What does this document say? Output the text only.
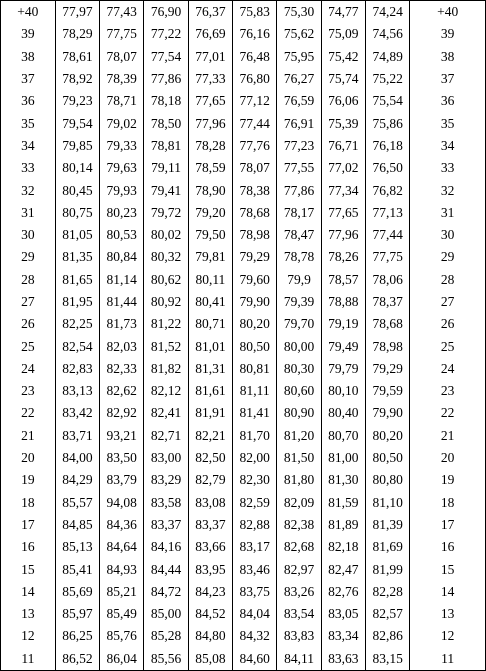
+40	77,97	77,43	76,90	76,37	75,83	75,30	74,77	74,24	+40
39	78,29	77,75	77,22	76,69	76,16	75,62	75,09	74,56	39
38	78,61	78,07	77,54	77,01	76,48	75,95	75,42	74,89	38
37	78,92	78,39	77,86	77,33	76,80	76,27	75,74	75,22	37
36	79,23	78,71	78,18	77,65	77,12	76,59	76,06	75,54	36
35	79,54	79,02	78,50	77,96	77,44	76,91	75,39	75,86	35
34	79,85	79,33	78,81	78,28	77,76	77,23	76,71	76,18	34
33	80,14	79,63	79,11	78,59	78,07	77,55	77,02	76,50	33
32	80,45	79,93	79,41	78,90	78,38	77,86	77,34	76,82	32
31	80,75	80,23	79,72	79,20	78,68	78,17	77,65	77,13	31
30	81,05	80,53	80,02	79,50	78,98	78,47	77,96	77,44	30
29	81,35	80,84	80,32	79,81	79,29	78,78	78,26	77,75	29
28	81,65	81,14	80,62	80,11	79,60	79,9	78,57	78,06	28
27	81,95	81,44	80,92	80,41	79,90	79,39	78,88	78,37	27
26	82,25	81,73	81,22	80,71	80,20	79,70	79,19	78,68	26
25	82,54	82,03	81,52	81,01	80,50	80,00	79,49	78,98	25
24	82,83	82,33	81,82	81,31	80,81	80,30	79,79	79,29	24
23	83,13	82,62	82,12	81,61	81,11	80,60	80,10	79,59	23
22	83,42	82,92	82,41	81,91	81,41	80,90	80,40	79,90	22
21	83,71	93,21	82,71	82,21	81,70	81,20	80,70	80,20	21
20	84,00	83,50	83,00	82,50	82,00	81,50	81,00	80,50	20
19	84,29	83,79	83,29	82,79	82,30	81,80	81,30	80,80	19
18	85,57	94,08	83,58	83,08	82,59	82,09	81,59	81,10	18
17	84,85	84,36	83,37	83,37	82,88	82,38	81,89	81,39	17
16	85,13	84,64	84,16	83,66	83,17	82,68	82,18	81,69	16
15	85,41	84,93	84,44	83,95	83,46	82,97	82,47	81,99	15
14	85,69	85,21	84,72	84,23	83,75	83,26	82,76	82,28	14
13	85,97	85,49	85,00	84,52	84,04	83,54	83,05	82,57	13
12	86,25	85,76	85,28	84,80	84,32	83,83	83,34	82,86	12
11	86,52	86,04	85,56	85,08	84,60	84,11	83,63	83,15	11
